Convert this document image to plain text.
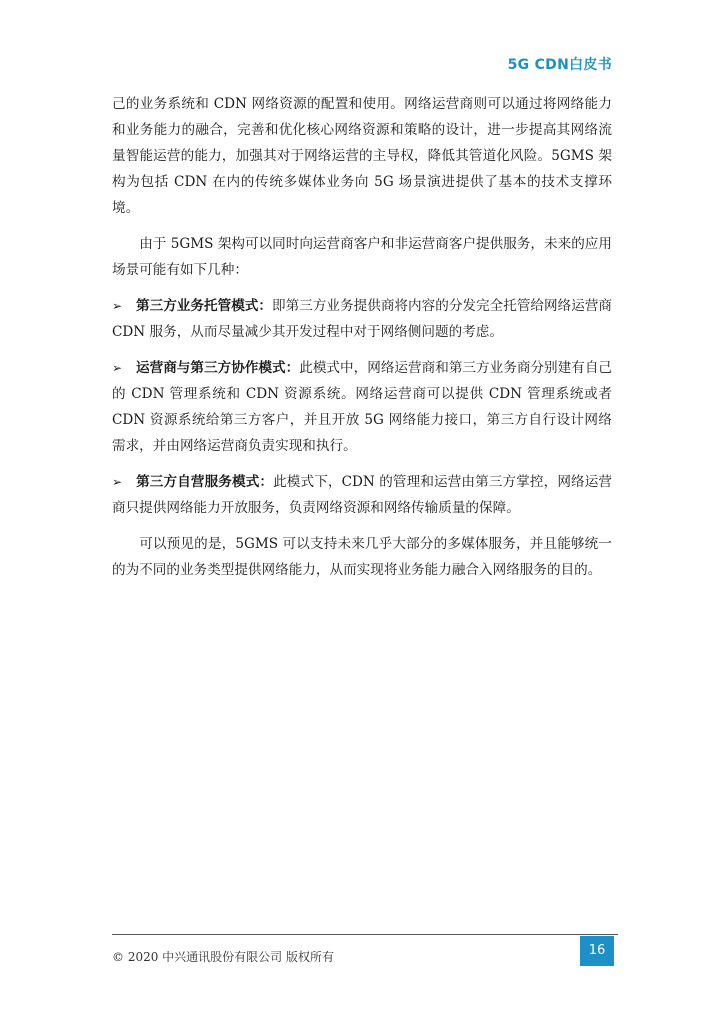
5G CDN白皮书

己的业务系统和 CDN 网络资源的配置和使用。网络运营商则可以通过将网络能力和业务能力的融合，完善和优化核心网络资源和策略的设计，进一步提高其网络流量智能运营的能力，加强其对于网络运营的主导权，降低其管道化风险。5GMS 架构为包括 CDN 在内的传统多媒体业务向 5G 场景演进提供了基本的技术支撑环境。

由于 5GMS 架构可以同时向运营商客户和非运营商客户提供服务，未来的应用场景可能有如下几种：

➢ 第三方业务托管模式：即第三方业务提供商将内容的分发完全托管给网络运营商 CDN 服务，从而尽量减少其开发过程中对于网络侧问题的考虑。

➢ 运营商与第三方协作模式：此模式中，网络运营商和第三方业务商分别建有自己的 CDN 管理系统和 CDN 资源系统。网络运营商可以提供 CDN 管理系统或者 CDN 资源系统给第三方客户，并且开放 5G 网络能力接口，第三方自行设计网络需求，并由网络运营商负责实现和执行。

➢ 第三方自营服务模式：此模式下，CDN 的管理和运营由第三方掌控，网络运营商只提供网络能力开放服务，负责网络资源和网络传输质量的保障。

可以预见的是，5GMS 可以支持未来几乎大部分的多媒体服务，并且能够统一的为不同的业务类型提供网络能力，从而实现将业务能力融合入网络服务的目的。

© 2020 中兴通讯股份有限公司 版权所有	16
